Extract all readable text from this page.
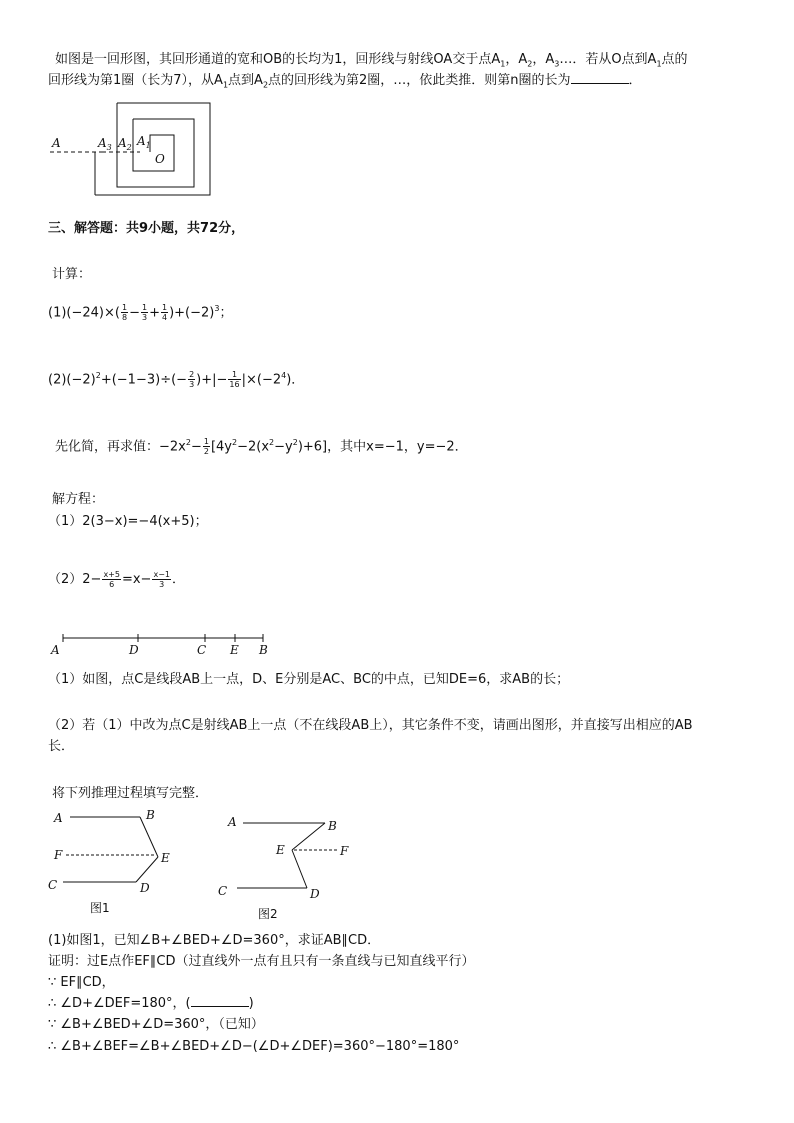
如图是一回形图，其回形通道的宽和OB的长均为1，回形线与射线OA交于点$A_1$，$A_2$，$A_3\dots$．若从O点到$A_1$点的
回形线为第1圈（长为7），从$A_1$点到$A_2$点的回形线为第2圈，…，依此类推．则第n圈的长为	．
A	$A_3$ $A_2$ $A_1$
O
三、解答题：共9小题，共72分，
计算：
$(1)(-24)\times( \frac{1}{8} - \frac{1}{3} + \frac{1}{4} )+(-2)^3$；
$(2)(-2)^2+(-1-3)\div(- \frac{2}{3}$ )+|− $\frac{1}{16} |\times(-2^4)$．
先化简，再求值：$-2x^2- \frac{1}{2} [4y^2-2(x^2-y^2)+6]$，其中x=−1，y=−2．
解方程：
（1）2(3−x)=−4(x+5)；
$(2)2- \frac{x+5}{6} =x- \frac{x-1}{3}$ ．
A	D	C E B
（1）如图，点C是线段AB上一点，D、E分别是AC、BC的中点，已知DE=6，求AB的长；
（2）若（1）中改为点C是射线AB上一点（不在线段AB上），其它条件不变，请画出图形，并直接写出相应的AB
长．
将下列推理过程填写完整．
A	B
F	E
C	D
图1
A	B
E	F
C	D
图2
(1)如图1，已知∠B+∠BED+∠D=360°，求证AB∥CD．
证明：过E点作EF∥CD（过直线外一点有且只有一条直线与已知直线平行）
∵ EF∥CD，
∴ ∠D+∠DEF=180°，(	)
∵ ∠B+∠BED+∠D=360°，（已知）
∴ ∠B+∠BEF=∠B+∠BED+∠D−(∠D+∠DEF)=360°−180°=180°
